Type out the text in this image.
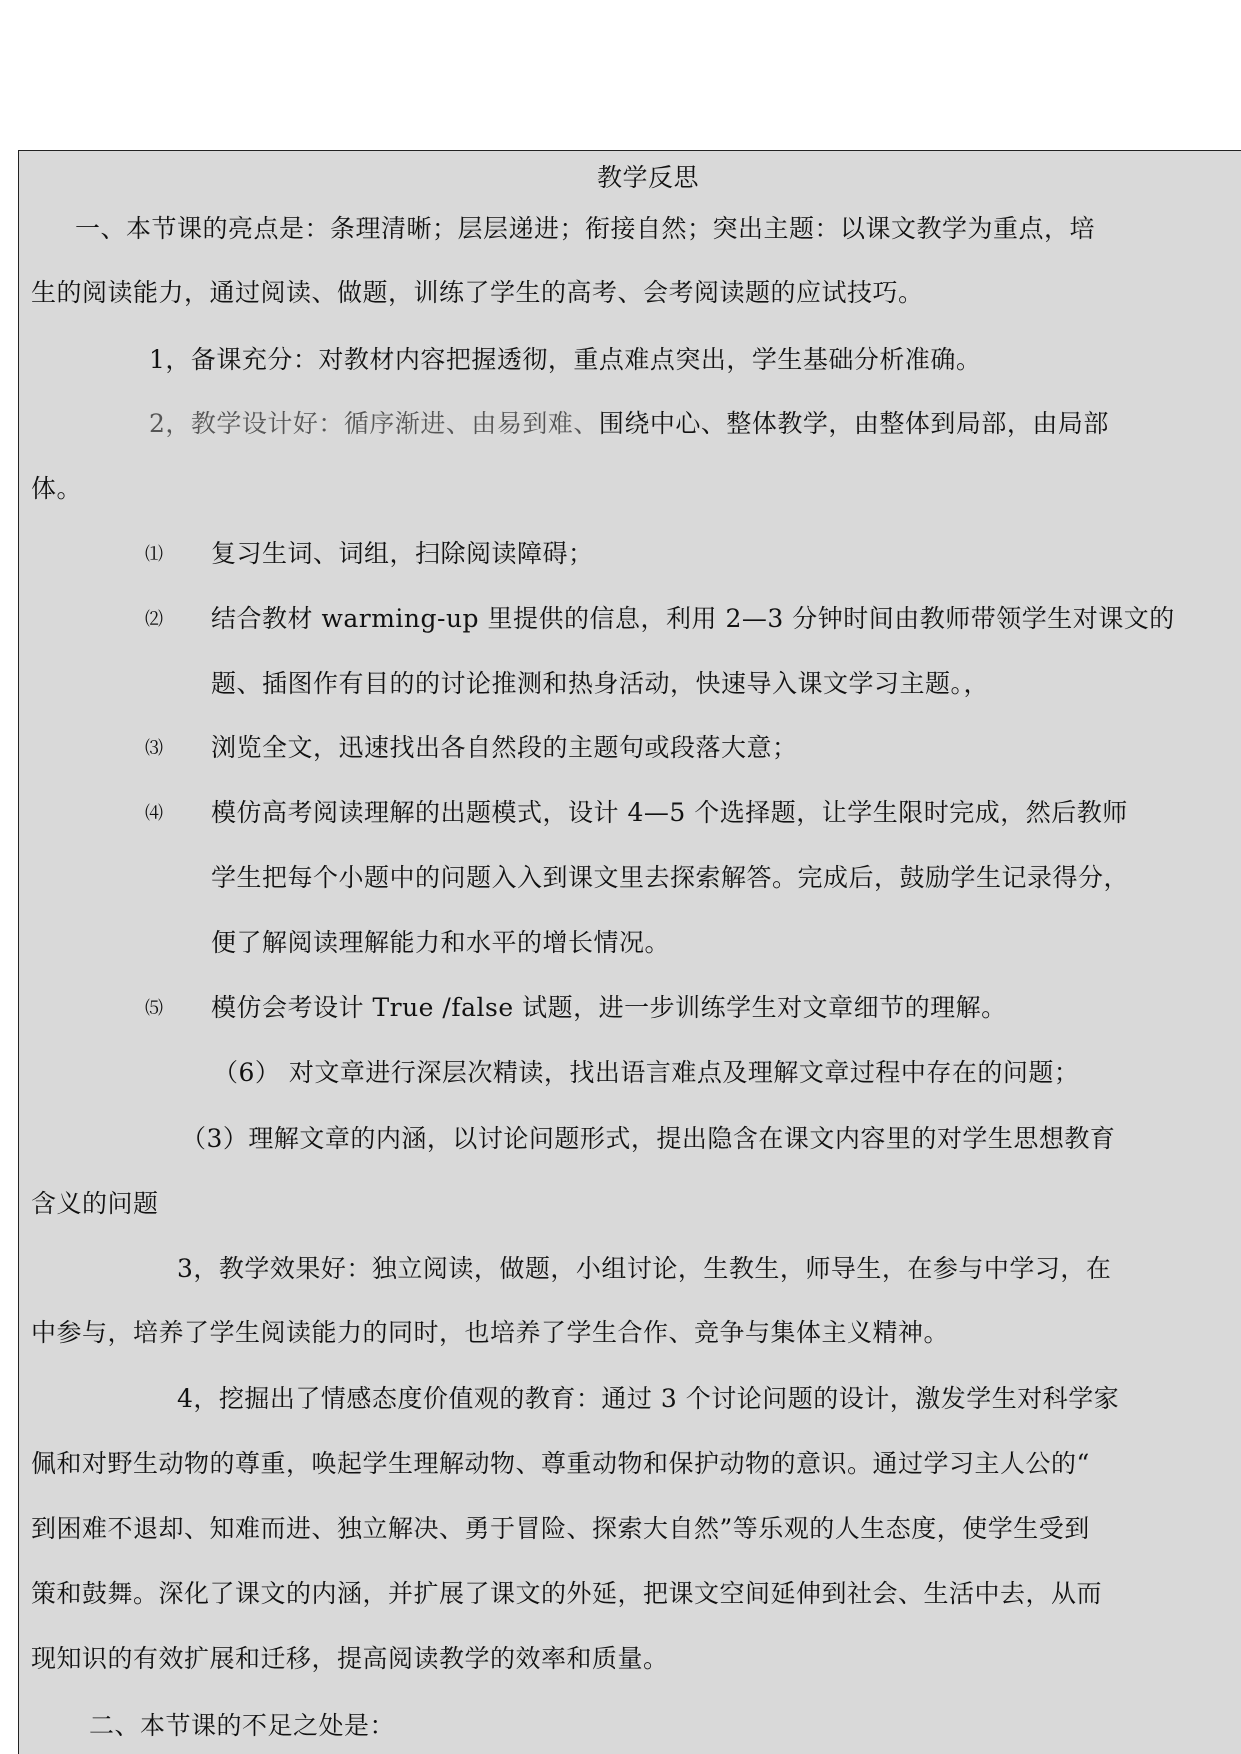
教学反思
一、本节课的亮点是：条理清晰；层层递进；衔接自然；突出主题：以课文教学为重点，培
生的阅读能力，通过阅读、做题，训练了学生的高考、会考阅读题的应试技巧。
1，备课充分：对教材内容把握透彻，重点难点突出，学生基础分析准确。
2，教学设计好：循序渐进、由易到难、围绕中心、整体教学，由整体到局部，由局部
体。
⑴ 复习生词、词组，扫除阅读障碍；
⑵ 结合教材 warming-up 里提供的信息，利用 2—3 分钟时间由教师带领学生对课文的
题、插图作有目的的讨论推测和热身活动，快速导入课文学习主题。，
⑶ 浏览全文，迅速找出各自然段的主题句或段落大意；
⑷ 模仿高考阅读理解的出题模式，设计 4—5 个选择题，让学生限时完成，然后教师
学生把每个小题中的问题入入到课文里去探索解答。完成后，鼓励学生记录得分，
便了解阅读理解能力和水平的增长情况。
⑸ 模仿会考设计 True /false 试题，进一步训练学生对文章细节的理解。
（6） 对文章进行深层次精读，找出语言难点及理解文章过程中存在的问题；
（3）理解文章的内涵，以讨论问题形式，提出隐含在课文内容里的对学生思想教育
含义的问题
3，教学效果好：独立阅读，做题，小组讨论，生教生，师导生，在参与中学习，在
中参与，培养了学生阅读能力的同时，也培养了学生合作、竞争与集体主义精神。
4，挖掘出了情感态度价值观的教育：通过 3 个讨论问题的设计，激发学生对科学家
佩和对野生动物的尊重，唤起学生理解动物、尊重动物和保护动物的意识。通过学习主人公的“
到困难不退却、知难而进、独立解决、勇于冒险、探索大自然”等乐观的人生态度，使学生受到
策和鼓舞。深化了课文的内涵，并扩展了课文的外延，把课文空间延伸到社会、生活中去，从而
现知识的有效扩展和迁移，提高阅读教学的效率和质量。
二、本节课的不足之处是：
